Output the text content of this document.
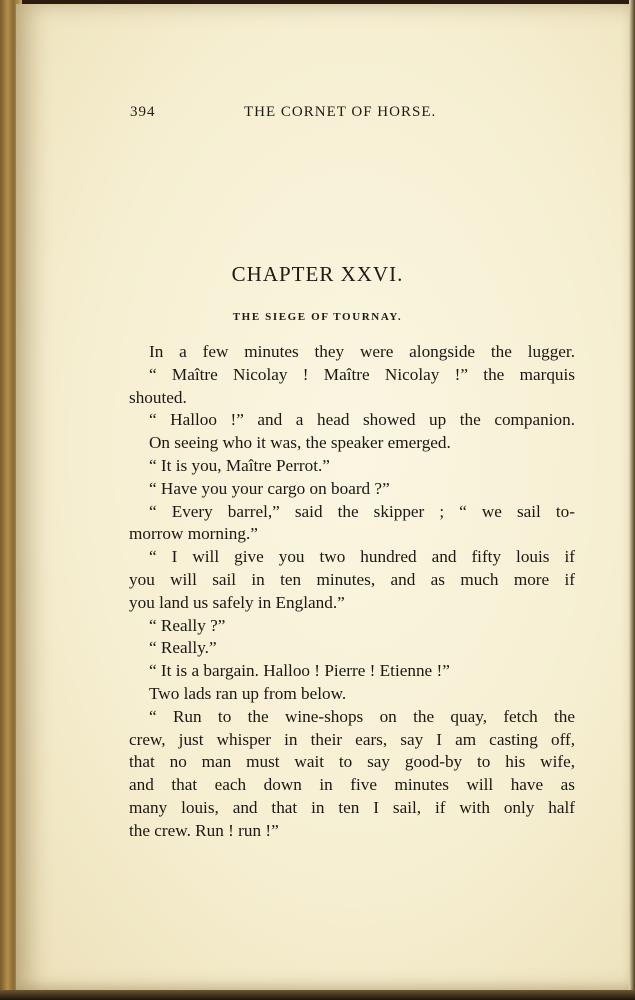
394	THE CORNET OF HORSE.
CHAPTER XXVI.
THE SIEGE OF TOURNAY.
In a few minutes they were alongside the lugger.
“ Maître Nicolay ! Maître Nicolay !” the marquis
shouted.
“ Halloo !” and a head showed up the companion.
On seeing who it was, the speaker emerged.
“ It is you, Maître Perrot.”
“ Have you your cargo on board ?”
“ Every barrel,” said the skipper ; “ we sail to-
morrow morning.”
“ I will give you two hundred and fifty louis if
you will sail in ten minutes, and as much more if
you land us safely in England.”
“ Really ?”
“ Really.”
“ It is a bargain. Halloo ! Pierre ! Etienne !”
Two lads ran up from below.
“ Run to the wine-shops on the quay, fetch the
crew, just whisper in their ears, say I am casting off,
that no man must wait to say good-by to his wife,
and that each down in five minutes will have as
many louis, and that in ten I sail, if with only half
the crew. Run ! run !”
